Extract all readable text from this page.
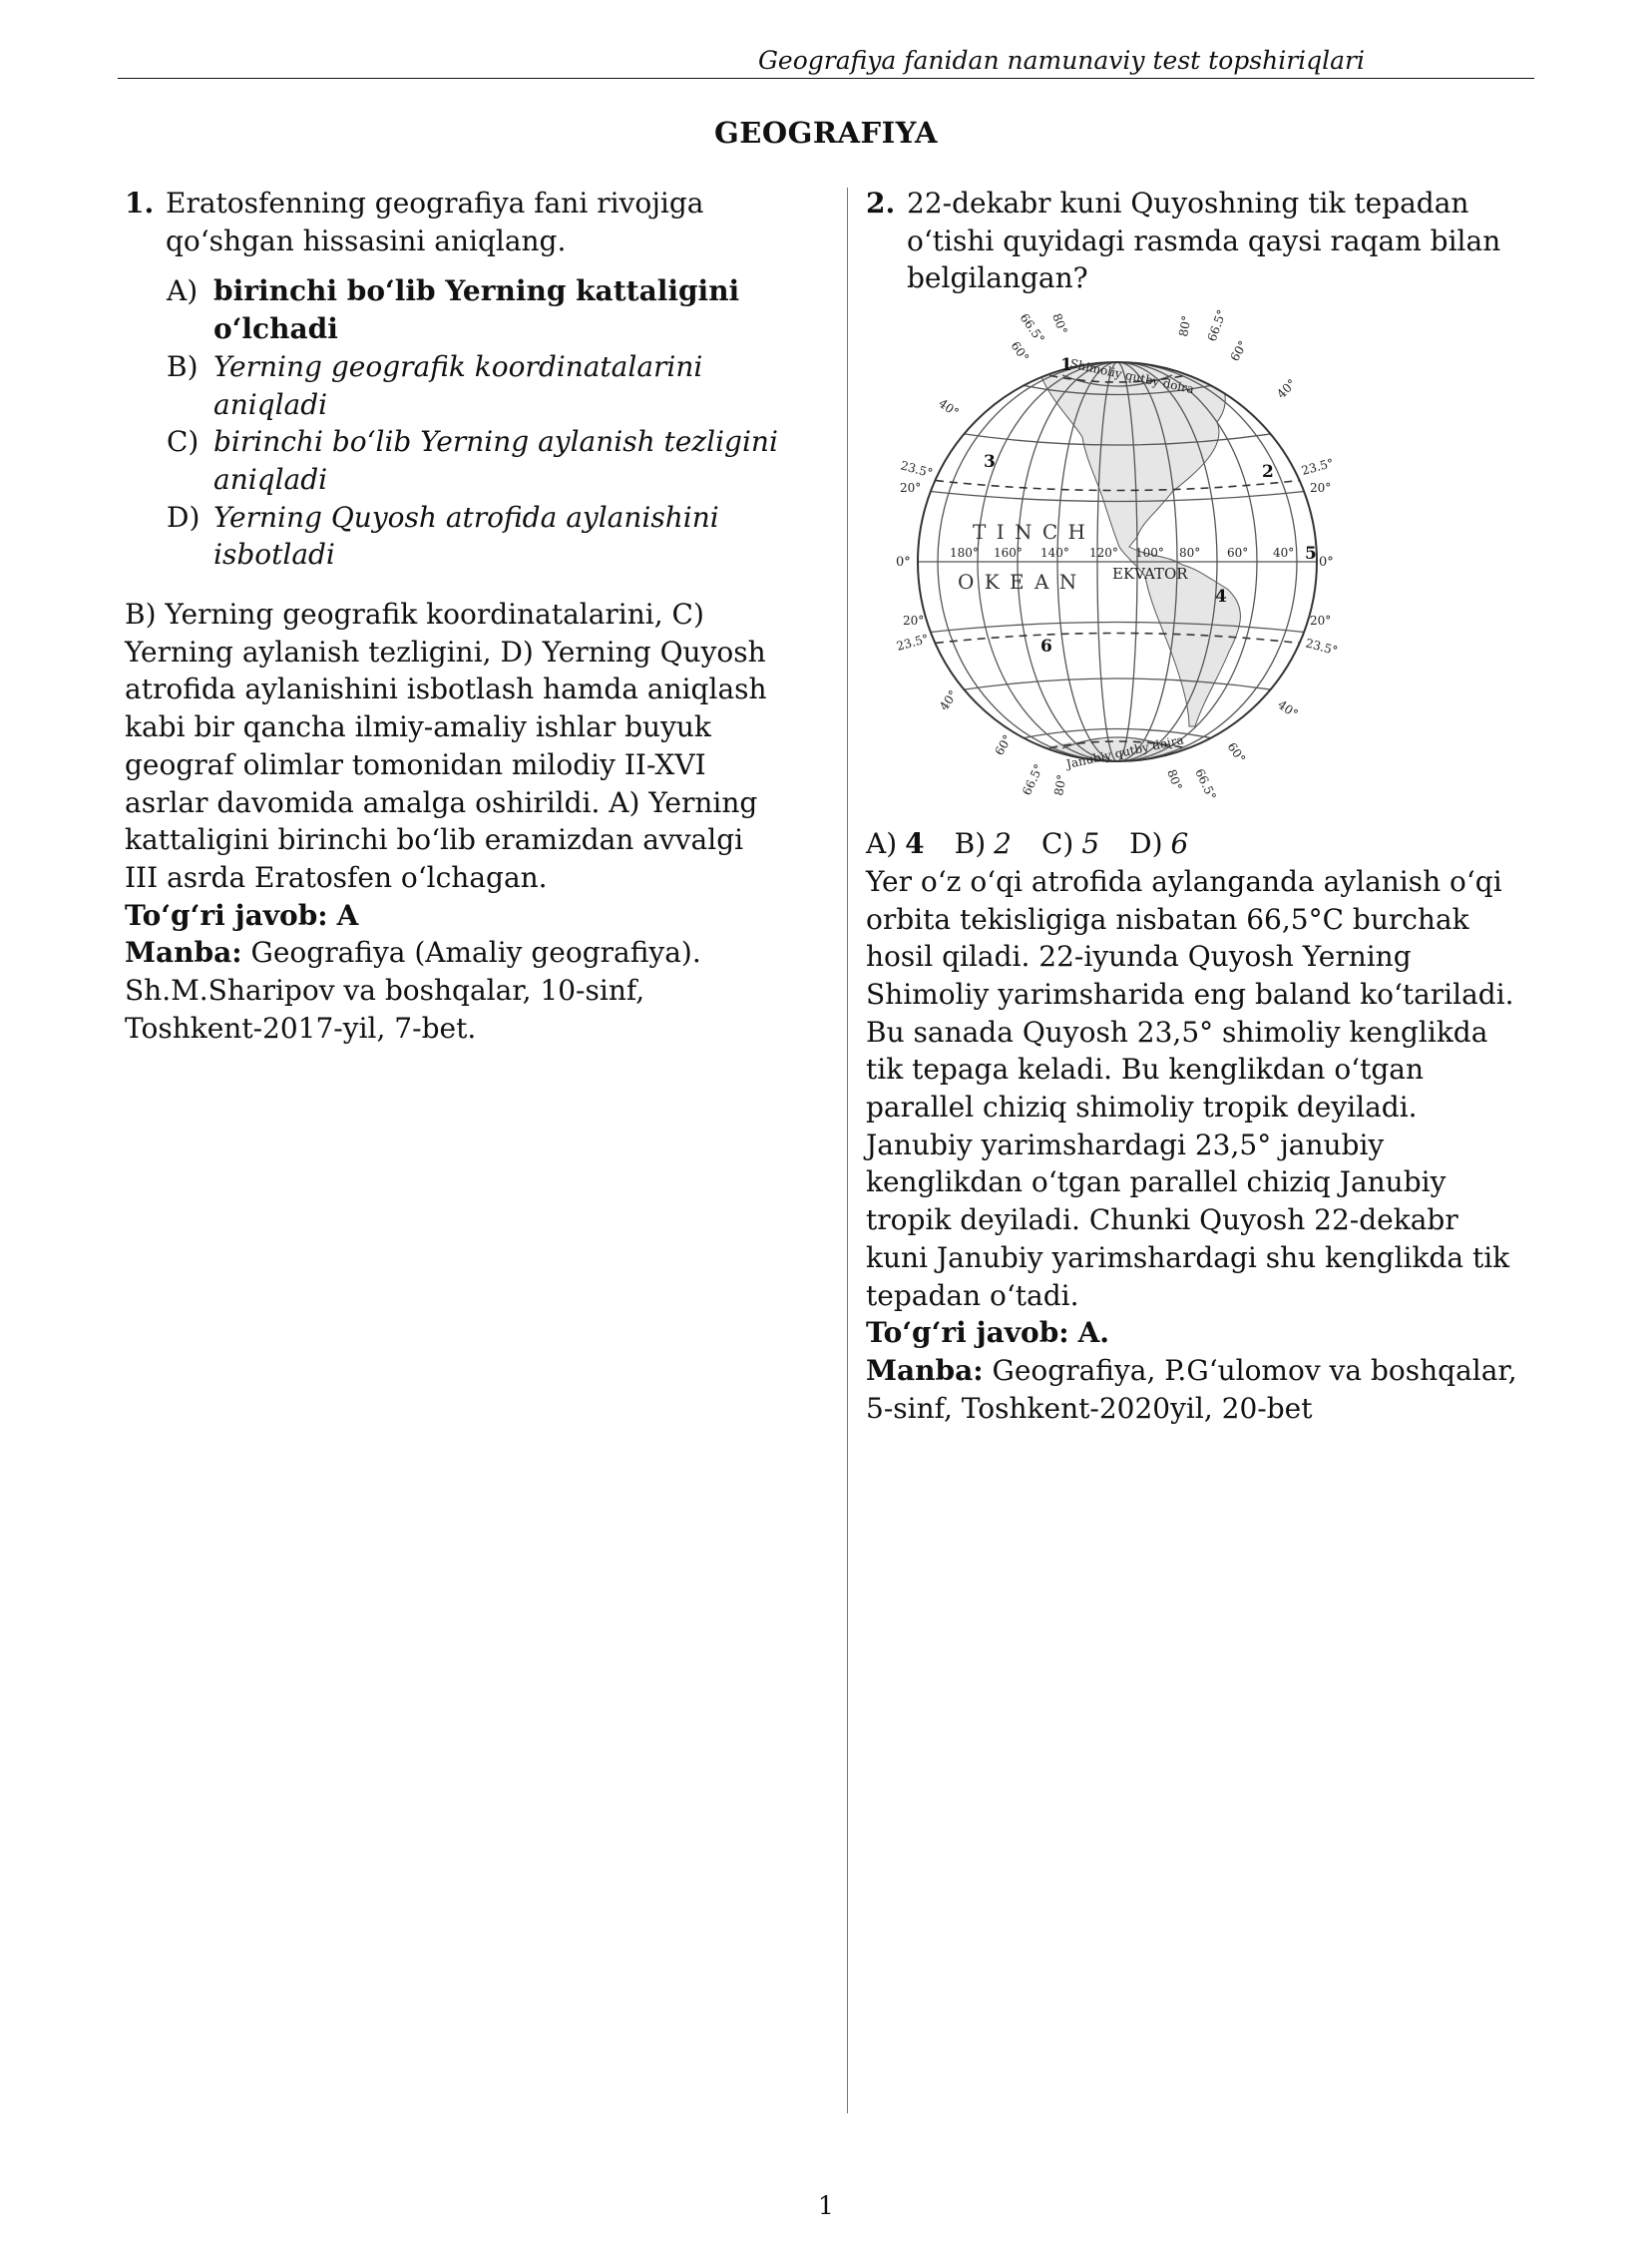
Geografiya fanidan namunaviy test topshiriqlari
GEOGRAFIYA
1. Eratosfenning geografiya fani rivojiga qo‘shgan hissasini aniqlang.
A) birinchi bo‘lib Yerning kattaligini o‘lchadi
B) Yerning geografik koordinatalarini aniqladi
C) birinchi bo‘lib Yerning aylanish tezligini aniqladi
D) Yerning Quyosh atrofida aylanishini isbotladi

B) Yerning geografik koordinatalarini, C) Yerning aylanish tezligini, D) Yerning Quyosh atrofida aylanishini isbotlash hamda aniqlash kabi bir qancha ilmiy-amaliy ishlar buyuk geograf olimlar tomonidan milodiy II-XVI asrlar davomida amalga oshirildi. A) Yerning kattaligini birinchi bo‘lib eramizdan avvalgi III asrda Eratosfen o‘lchagan.

To‘g‘ri javob: A
Manba: Geografiya (Amaliy geografiya). Sh.M.Sharipov va boshqalar, 10-sinf, Toshkent-2017-yil, 7-bet.
2. 22-dekabr kuni Quyoshning tik tepadan o‘tishi quyidagi rasmda qaysi raqam bilan belgilangan?
0°	0°
20°	20°
23.5°	23.5°
20°	20°
23.5°	23.5°
40°
40°
40°	40°
66.5° 80°
60°
80° 66.5°
60°
60°
66.5° 80°	80° 66.5°
60°
Shimoliy qutby doira
Janubiy qutby doira
180° 160° 140° 120° 100° 80° 60° 40°
T I N C H
O K E A N EKVATOR
1
2
3
4
5
6
A) 4 B) 2 C) 5 D) 6

Yer o‘z o‘qi atrofida aylanganda aylanish o‘qi orbita tekisligiga nisbatan 66,5°C burchak hosil qiladi. 22-iyunda Quyosh Yerning Shimoliy yarimsharida eng baland ko‘tariladi. Bu sanada Quyosh 23,5° shimoliy kenglikda tik tepaga keladi. Bu kenglikdan o‘tgan parallel chiziq shimoliy tropik deyiladi. Janubiy yarimshardagi 23,5° janubiy kenglikdan o‘tgan parallel chiziq Janubiy tropik deyiladi. Chunki Quyosh 22-dekabr kuni Janubiy yarimshardagi shu kenglikda tik tepadan o‘tadi.

To‘g‘ri javob: A.
Manba: Geografiya, P.G‘ulomov va boshqalar, 5-sinf, Toshkent-2020yil, 20-bet
1
